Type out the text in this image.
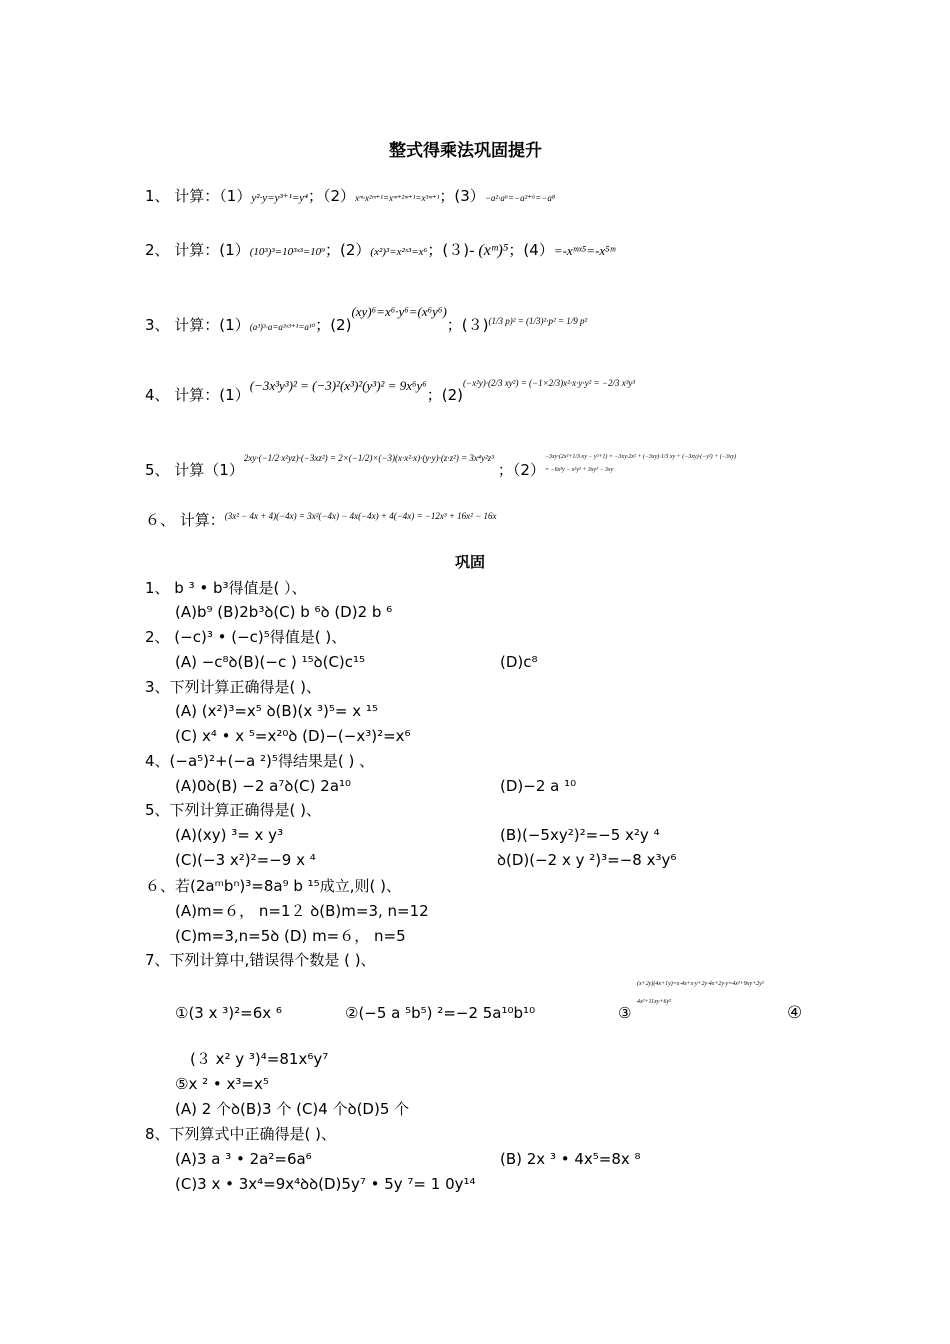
整式得乘法巩固提升
1、 计算：（1）y²·y=y³⁺¹=y⁴；（2）xᵐ·x²ᵐ⁺¹=xᵐ⁺²ᵐ⁺¹=x³ᵐ⁺¹；(3）−a²·a⁶=−a²⁺⁶=−a⁸
2、 计算：(1）(10³)³=10³ˣ³=10⁹；(2）(x²)³=x²ˣ³=x⁶；(３)- (xᵐ)⁵；(4）=-xᵐˣ⁵=-x⁵ᵐ
3、 计算：(1）(a³)³·a=a³ˣ³⁺¹=a¹⁰；(2)(xy)⁶=x⁶·y⁶=(x⁶y⁶)；(３)(1/3 p)² = (1/3)²·p² = 1/9 p²
4、 计算：(1）(−3x³y³)² = (−3)²(x³)²(y³)² = 9x⁶y⁶；(2)(−x²y)·(2/3 xy²) = (−1×2/3)x²·x·y·y² = −2/3 x³y³
5、 计算（1）2xy·(−1/2 x²yz)·(−3xz²) = 2×(−1/2)×(−3)(x·x²·x)·(y·y)·(z·z²) = 3x⁴y²z³；（2）
−3xy·(2x²+1/3 xy − y²+1) = −3xy·2x² + (−3xy)·1/3 xy + (−3xy)·(−y²) + (−3xy)
= −6x³y − x²y² + 3xy³ − 3xy
６、 计算：(3x² − 4x + 4)(−4x) = 3x²(−4x) − 4x(−4x) + 4(−4x) = −12x³ + 16x² − 16x
巩固
1、 b ³ • b³得值是( ）、
(A)b⁹ (B)2b³ꝺ(C) b ⁶ꝺ (D)2 b ⁶
2、 (−c)³ • (−c)⁵得值是( )、
(A) −c⁸ꝺ(B)(−c ) ¹⁵ꝺ(C)c¹⁵	(D)c⁸
3、下列计算正确得是( )、
(A) (x²)³=x⁵ ꝺ(B)(x ³)⁵= x ¹⁵
(C) x⁴ • x ⁵=x²⁰ꝺ (D)−(−x³)²=x⁶
4、(−a⁵)²+(−a ²)⁵得结果是( ) 、
(A)0ꝺ(B) −2 a⁷ꝺ(C) 2a¹⁰	(D)−2 a ¹⁰
5、下列计算正确得是( )、
(A)(xy) ³= x y³	(B)(−5xy²)²=−5 x²y ⁴
(C)(−3 x²)²=−9 x ⁴	ꝺ(D)(−2 x y ²)³=−8 x³y⁶
６、若(2aᵐbⁿ)³=8a⁹ b ¹⁵成立,则( )、
(A)m=６， n=1２ ꝺ(B)m=3, n=12
(C)m=3,n=5ꝺ (D) m=６， n=5
7、下列计算中,错误得个数是 ( )、
①(3 x ³)²=6x ⁶	②(−5 a ⁵b⁵) ²=−2 5a¹⁰b¹⁰	③
(x+2y)(4x+1y)=x·4x+x·y+2y·4x+2y·y=4x²+9xy+2y²
4x²+11xy+6y²
④
(３ x² y ³)⁴=81x⁶y⁷
⑤x ² • x³=x⁵
(A) 2 个ꝺ(B)3 个 (C)4 个ꝺ(D)5 个
8、下列算式中正确得是( )、
(A)3 a ³ • 2a²=6a⁶	(B) 2x ³ • 4x⁵=8x ⁸
(C)3 x • 3x⁴=9x⁴ꝺꝺ(D)5y⁷ • 5y ⁷= 1 0y¹⁴
